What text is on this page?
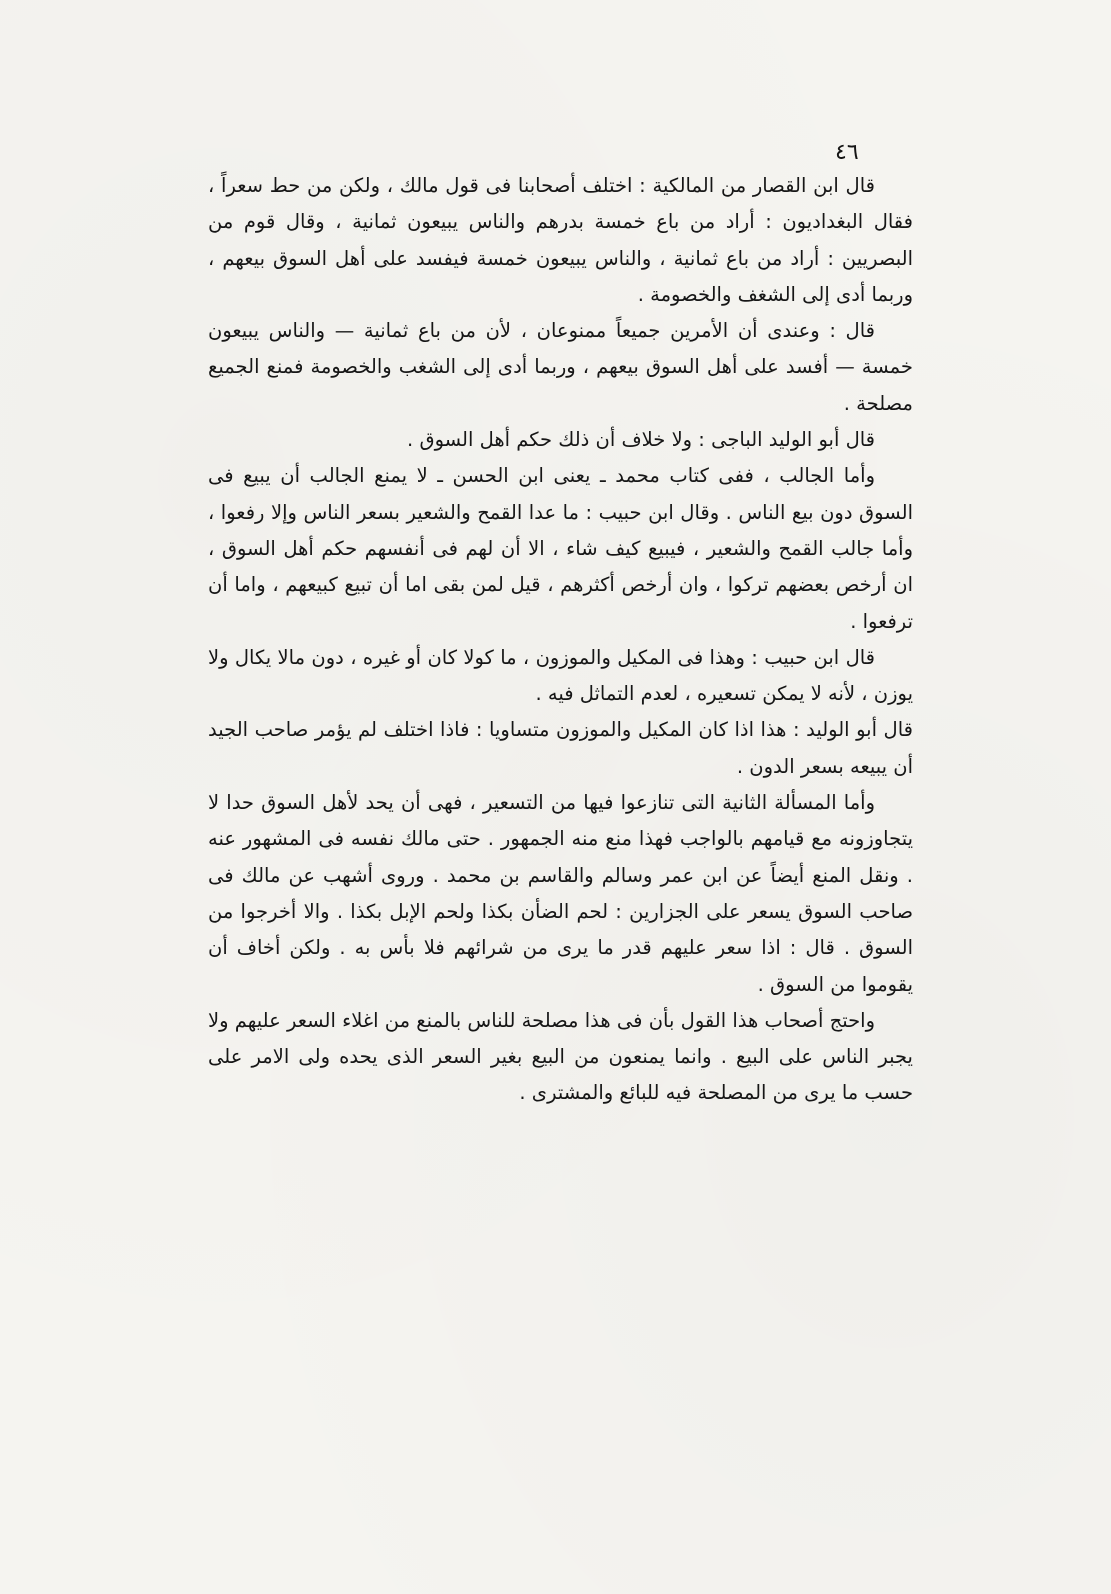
٤٦

قال ابن القصار من المالكية : اختلف أصحابنا فى قول مالك ، ولكن من حط سعراً ، فقال البغداديون : أراد من باع خمسة بدرهم والناس يبيعون ثمانية ، وقال قوم من البصريين : أراد من باع ثمانية ، والناس يبيعون خمسة فيفسد على أهل السوق بيعهم ، وربما أدى إلى الشغف والخصومة .

قال : وعندى أن الأمرين جميعاً ممنوعان ، لأن من باع ثمانية — والناس يبيعون خمسة — أفسد على أهل السوق بيعهم ، وربما أدى إلى الشغب والخصومة فمنع الجميع مصلحة .

قال أبو الوليد الباجى : ولا خلاف أن ذلك حكم أهل السوق .

وأما الجالب ، ففى كتاب محمد ـ يعنى ابن الحسن ـ لا يمنع الجالب أن يبيع فى السوق دون بيع الناس . وقال ابن حبيب : ما عدا القمح والشعير بسعر الناس وإلا رفعوا ، وأما جالب القمح والشعير ، فيبيع كيف شاء ، الا أن لهم فى أنفسهم حكم أهل السوق ، ان أرخص بعضهم تركوا ، وان أرخص أكثرهم ، قيل لمن بقى اما أن تبيع كبيعهم ، واما أن ترفعوا .

قال ابن حبيب : وهذا فى المكيل والموزون ، ما كولا كان أو غيره ، دون مالا يكال ولا يوزن ، لأنه لا يمكن تسعيره ، لعدم التماثل فيه .

قال أبو الوليد : هذا اذا كان المكيل والموزون متساويا : فاذا اختلف لم يؤمر صاحب الجيد أن يبيعه بسعر الدون .

وأما المسألة الثانية التى تنازعوا فيها من التسعير ، فهى أن يحد لأهل السوق حدا لا يتجاوزونه مع قيامهم بالواجب فهذا منع منه الجمهور . حتى مالك نفسه فى المشهور عنه . ونقل المنع أيضاً عن ابن عمر وسالم والقاسم بن محمد . وروى أشهب عن مالك فى صاحب السوق يسعر على الجزارين : لحم الضأن بكذا ولحم الإبل بكذا . والا أخرجوا من السوق . قال : اذا سعر عليهم قدر ما يرى من شرائهم فلا بأس به . ولكن أخاف أن يقوموا من السوق .

واحتج أصحاب هذا القول بأن فى هذا مصلحة للناس بالمنع من اغلاء السعر عليهم ولا يجبر الناس على البيع . وانما يمنعون من البيع بغير السعر الذى يحده ولى الامر على حسب ما يرى من المصلحة فيه للبائع والمشترى .
